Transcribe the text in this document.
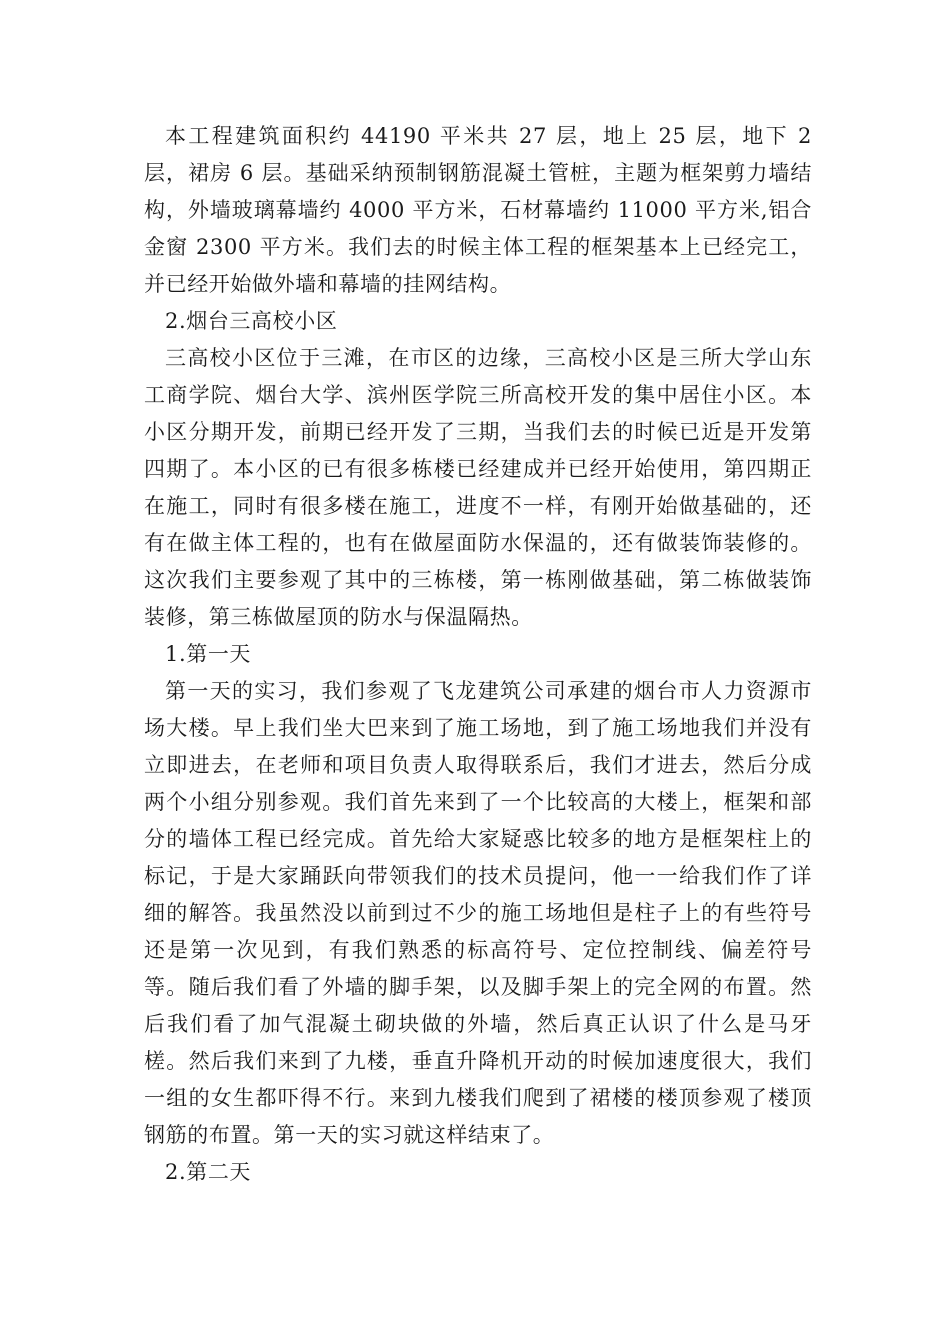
本工程建筑面积约 44190 平米共 27 层，地上 25 层，地下 2 层，裙房 6 层。基础采纳预制钢筋混凝土管桩，主题为框架剪力墙结构，外墙玻璃幕墙约 4000 平方米，石材幕墙约 11000 平方米,铝合金窗 2300 平方米。我们去的时候主体工程的框架基本上已经完工，并已经开始做外墙和幕墙的挂网结构。

2.烟台三高校小区

三高校小区位于三滩，在市区的边缘，三高校小区是三所大学山东工商学院、烟台大学、滨州医学院三所高校开发的集中居住小区。本小区分期开发，前期已经开发了三期，当我们去的时候已近是开发第四期了。本小区的已有很多栋楼已经建成并已经开始使用，第四期正在施工，同时有很多楼在施工，进度不一样，有刚开始做基础的，还有在做主体工程的，也有在做屋面防水保温的，还有做装饰装修的。这次我们主要参观了其中的三栋楼，第一栋刚做基础，第二栋做装饰装修，第三栋做屋顶的防水与保温隔热。

1.第一天

第一天的实习，我们参观了飞龙建筑公司承建的烟台市人力资源市场大楼。早上我们坐大巴来到了施工场地，到了施工场地我们并没有立即进去，在老师和项目负责人取得联系后，我们才进去，然后分成两个小组分别参观。我们首先来到了一个比较高的大楼上，框架和部分的墙体工程已经完成。首先给大家疑惑比较多的地方是框架柱上的标记，于是大家踊跃向带领我们的技术员提问，他一一给我们作了详细的解答。我虽然没以前到过不少的施工场地但是柱子上的有些符号还是第一次见到，有我们熟悉的标高符号、定位控制线、偏差符号等。随后我们看了外墙的脚手架，以及脚手架上的完全网的布置。然后我们看了加气混凝土砌块做的外墙，然后真正认识了什么是马牙槎。然后我们来到了九楼，垂直升降机开动的时候加速度很大，我们一组的女生都吓得不行。来到九楼我们爬到了裙楼的楼顶参观了楼顶钢筋的布置。第一天的实习就这样结束了。

2.第二天
